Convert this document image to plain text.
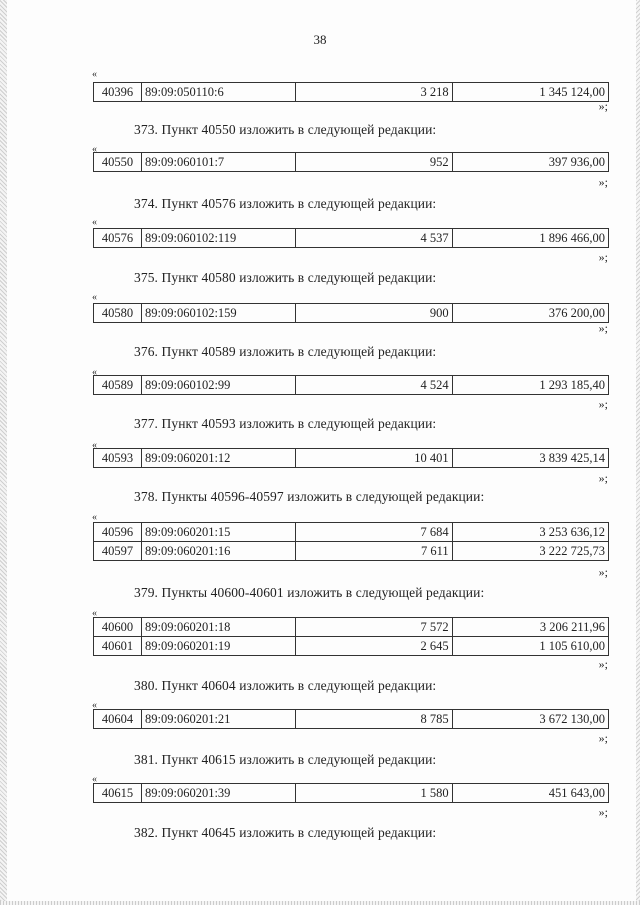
38
«
40396	89:09:050110:6	3 218	1 345 124,00
»;
373. Пункт 40550 изложить в следующей редакции:
«
40550	89:09:060101:7	952	397 936,00
»;
374. Пункт 40576 изложить в следующей редакции:
«
40576	89:09:060102:119	4 537	1 896 466,00
»;
375. Пункт 40580 изложить в следующей редакции:
«
40580	89:09:060102:159	900	376 200,00
»;
376. Пункт 40589 изложить в следующей редакции:
«
40589	89:09:060102:99	4 524	1 293 185,40
»;
377. Пункт 40593 изложить в следующей редакции:
«
40593	89:09:060201:12	10 401	3 839 425,14
»;
378. Пункты 40596-40597 изложить в следующей редакции:
«
40596	89:09:060201:15	7 684	3 253 636,12
40597	89:09:060201:16	7 611	3 222 725,73
»;
379. Пункты 40600-40601 изложить в следующей редакции:
«
40600	89:09:060201:18	7 572	3 206 211,96
40601	89:09:060201:19	2 645	1 105 610,00
»;
380. Пункт 40604 изложить в следующей редакции:
«
40604	89:09:060201:21	8 785	3 672 130,00
»;
381. Пункт 40615 изложить в следующей редакции:
«
40615	89:09:060201:39	1 580	451 643,00
»;
382. Пункт 40645 изложить в следующей редакции:
